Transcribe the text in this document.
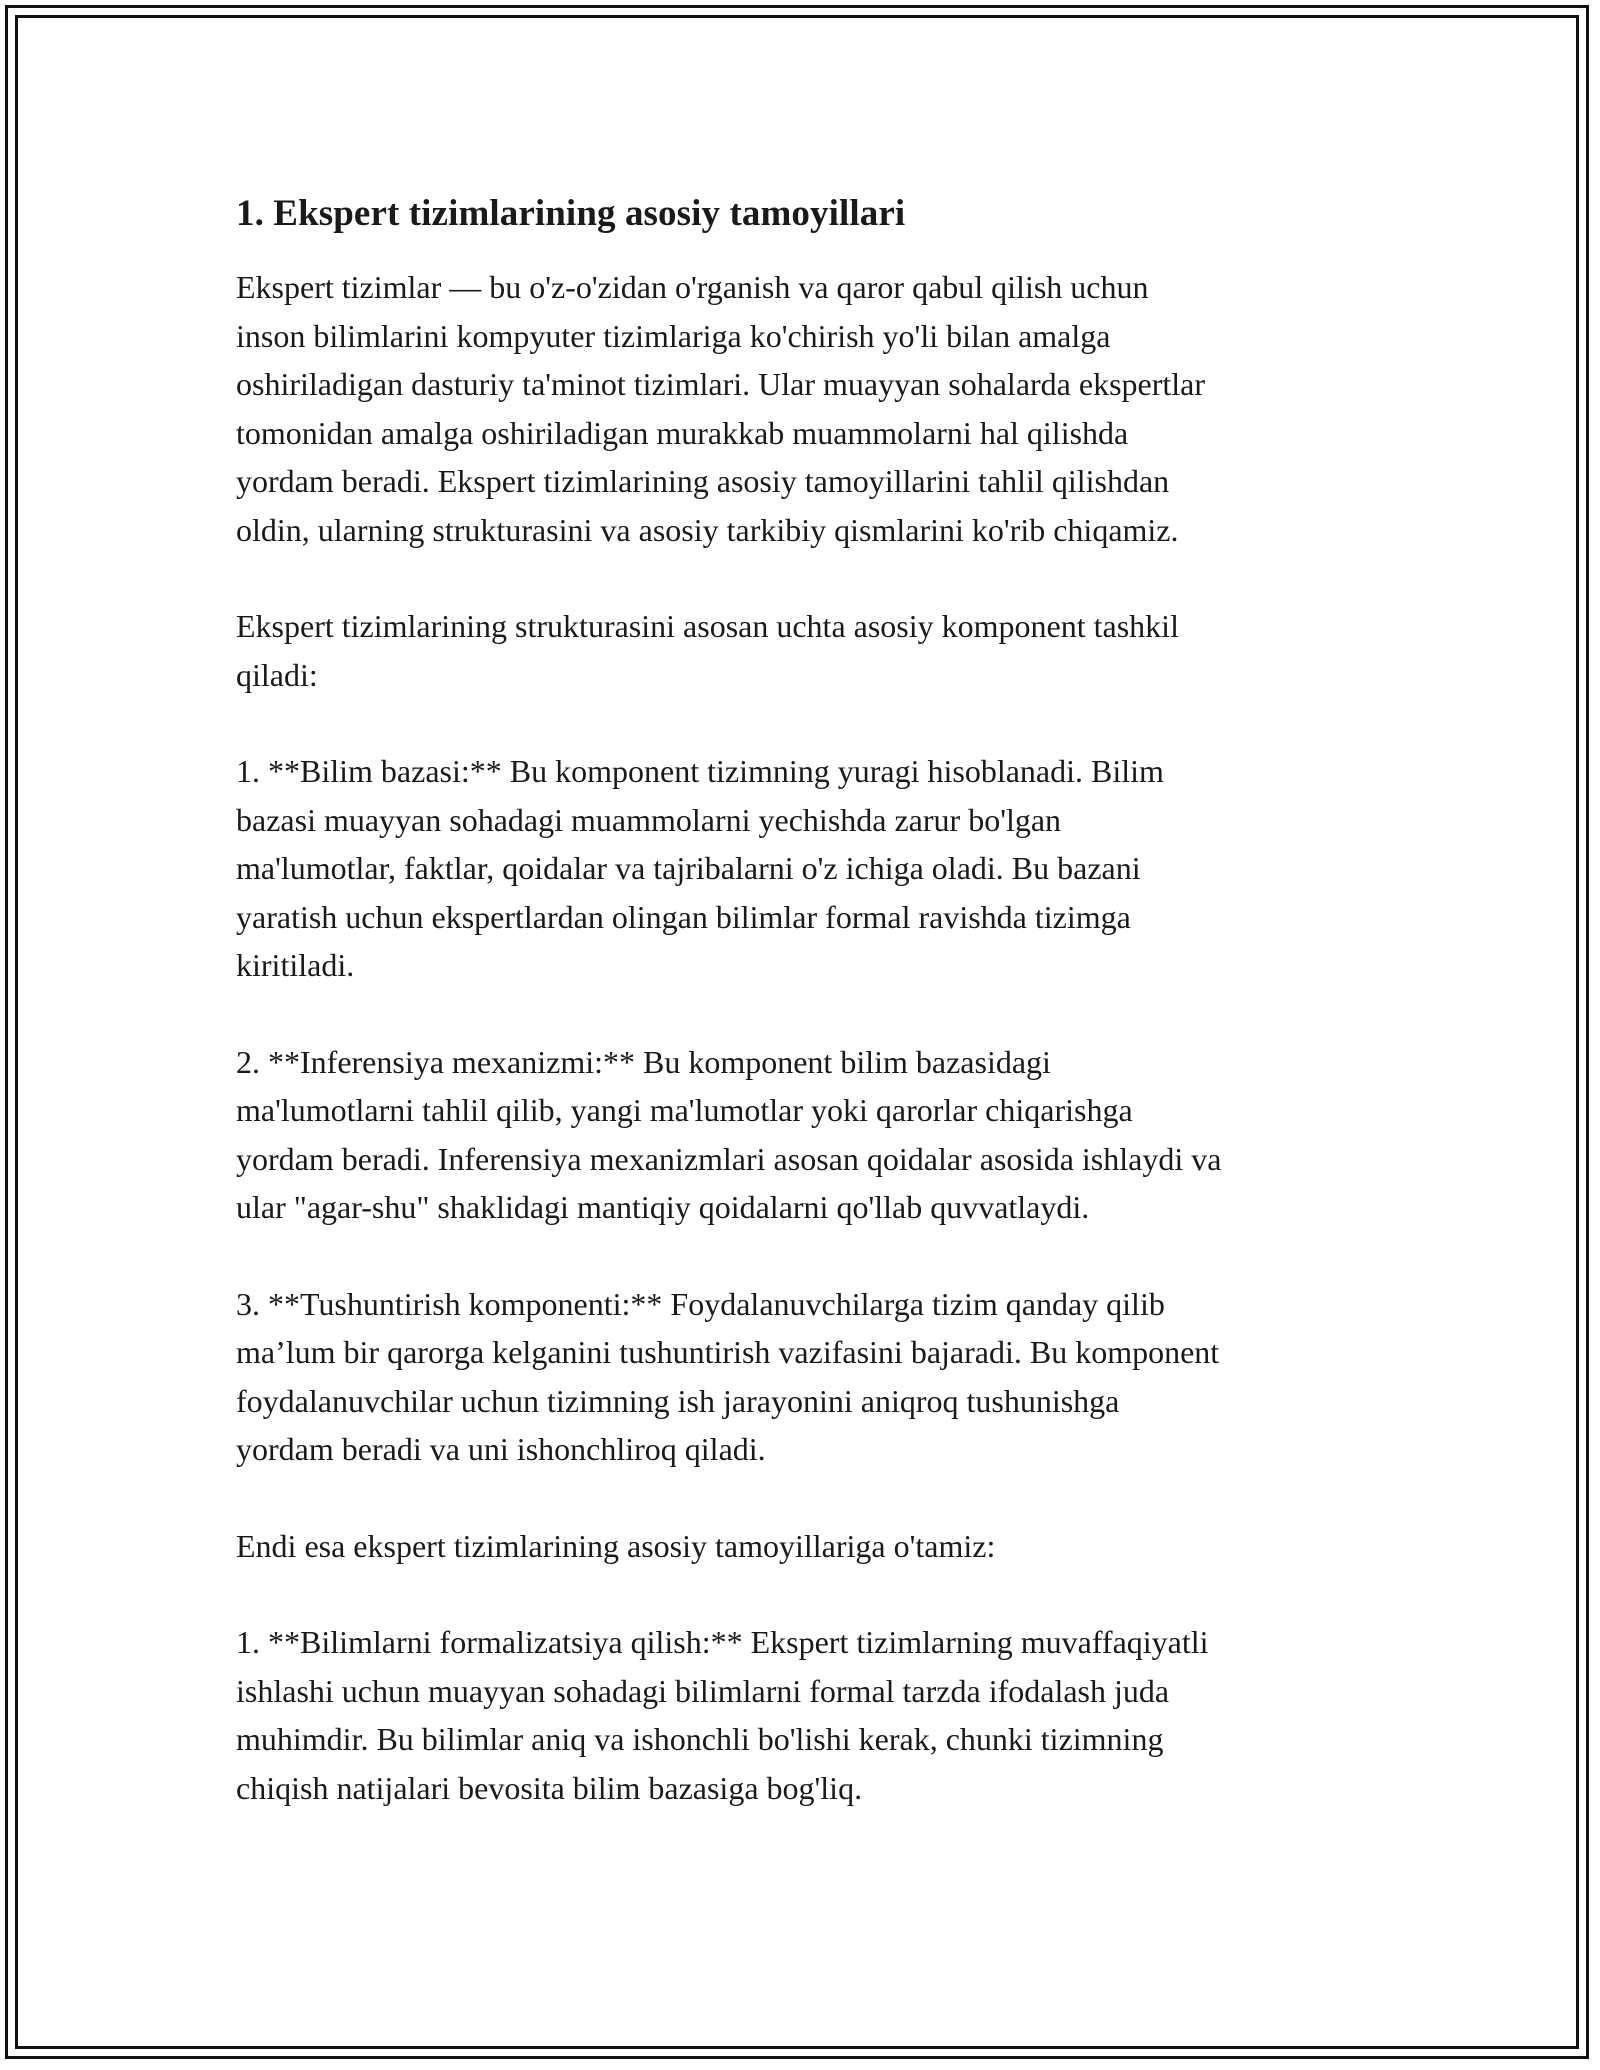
1. Ekspert tizimlarining asosiy tamoyillari

Ekspert tizimlar — bu o'z-o'zidan o'rganish va qaror qabul qilish uchun
inson bilimlarini kompyuter tizimlariga ko'chirish yo'li bilan amalga
oshiriladigan dasturiy ta'minot tizimlari. Ular muayyan sohalarda ekspertlar
tomonidan amalga oshiriladigan murakkab muammolarni hal qilishda
yordam beradi. Ekspert tizimlarining asosiy tamoyillarini tahlil qilishdan
oldin, ularning strukturasini va asosiy tarkibiy qismlarini ko'rib chiqamiz.

Ekspert tizimlarining strukturasini asosan uchta asosiy komponent tashkil
qiladi:

1. **Bilim bazasi:** Bu komponent tizimning yuragi hisoblanadi. Bilim
bazasi muayyan sohadagi muammolarni yechishda zarur bo'lgan
ma'lumotlar, faktlar, qoidalar va tajribalarni o'z ichiga oladi. Bu bazani
yaratish uchun ekspertlardan olingan bilimlar formal ravishda tizimga
kiritiladi.

2. **Inferensiya mexanizmi:** Bu komponent bilim bazasidagi
ma'lumotlarni tahlil qilib, yangi ma'lumotlar yoki qarorlar chiqarishga
yordam beradi. Inferensiya mexanizmlari asosan qoidalar asosida ishlaydi va
ular "agar-shu" shaklidagi mantiqiy qoidalarni qo'llab quvvatlaydi.

3. **Tushuntirish komponenti:** Foydalanuvchilarga tizim qanday qilib
ma’lum bir qarorga kelganini tushuntirish vazifasini bajaradi. Bu komponent
foydalanuvchilar uchun tizimning ish jarayonini aniqroq tushunishga
yordam beradi va uni ishonchliroq qiladi.

Endi esa ekspert tizimlarining asosiy tamoyillariga o'tamiz:

1. **Bilimlarni formalizatsiya qilish:** Ekspert tizimlarning muvaffaqiyatli
ishlashi uchun muayyan sohadagi bilimlarni formal tarzda ifodalash juda
muhimdir. Bu bilimlar aniq va ishonchli bo'lishi kerak, chunki tizimning
chiqish natijalari bevosita bilim bazasiga bog'liq.
